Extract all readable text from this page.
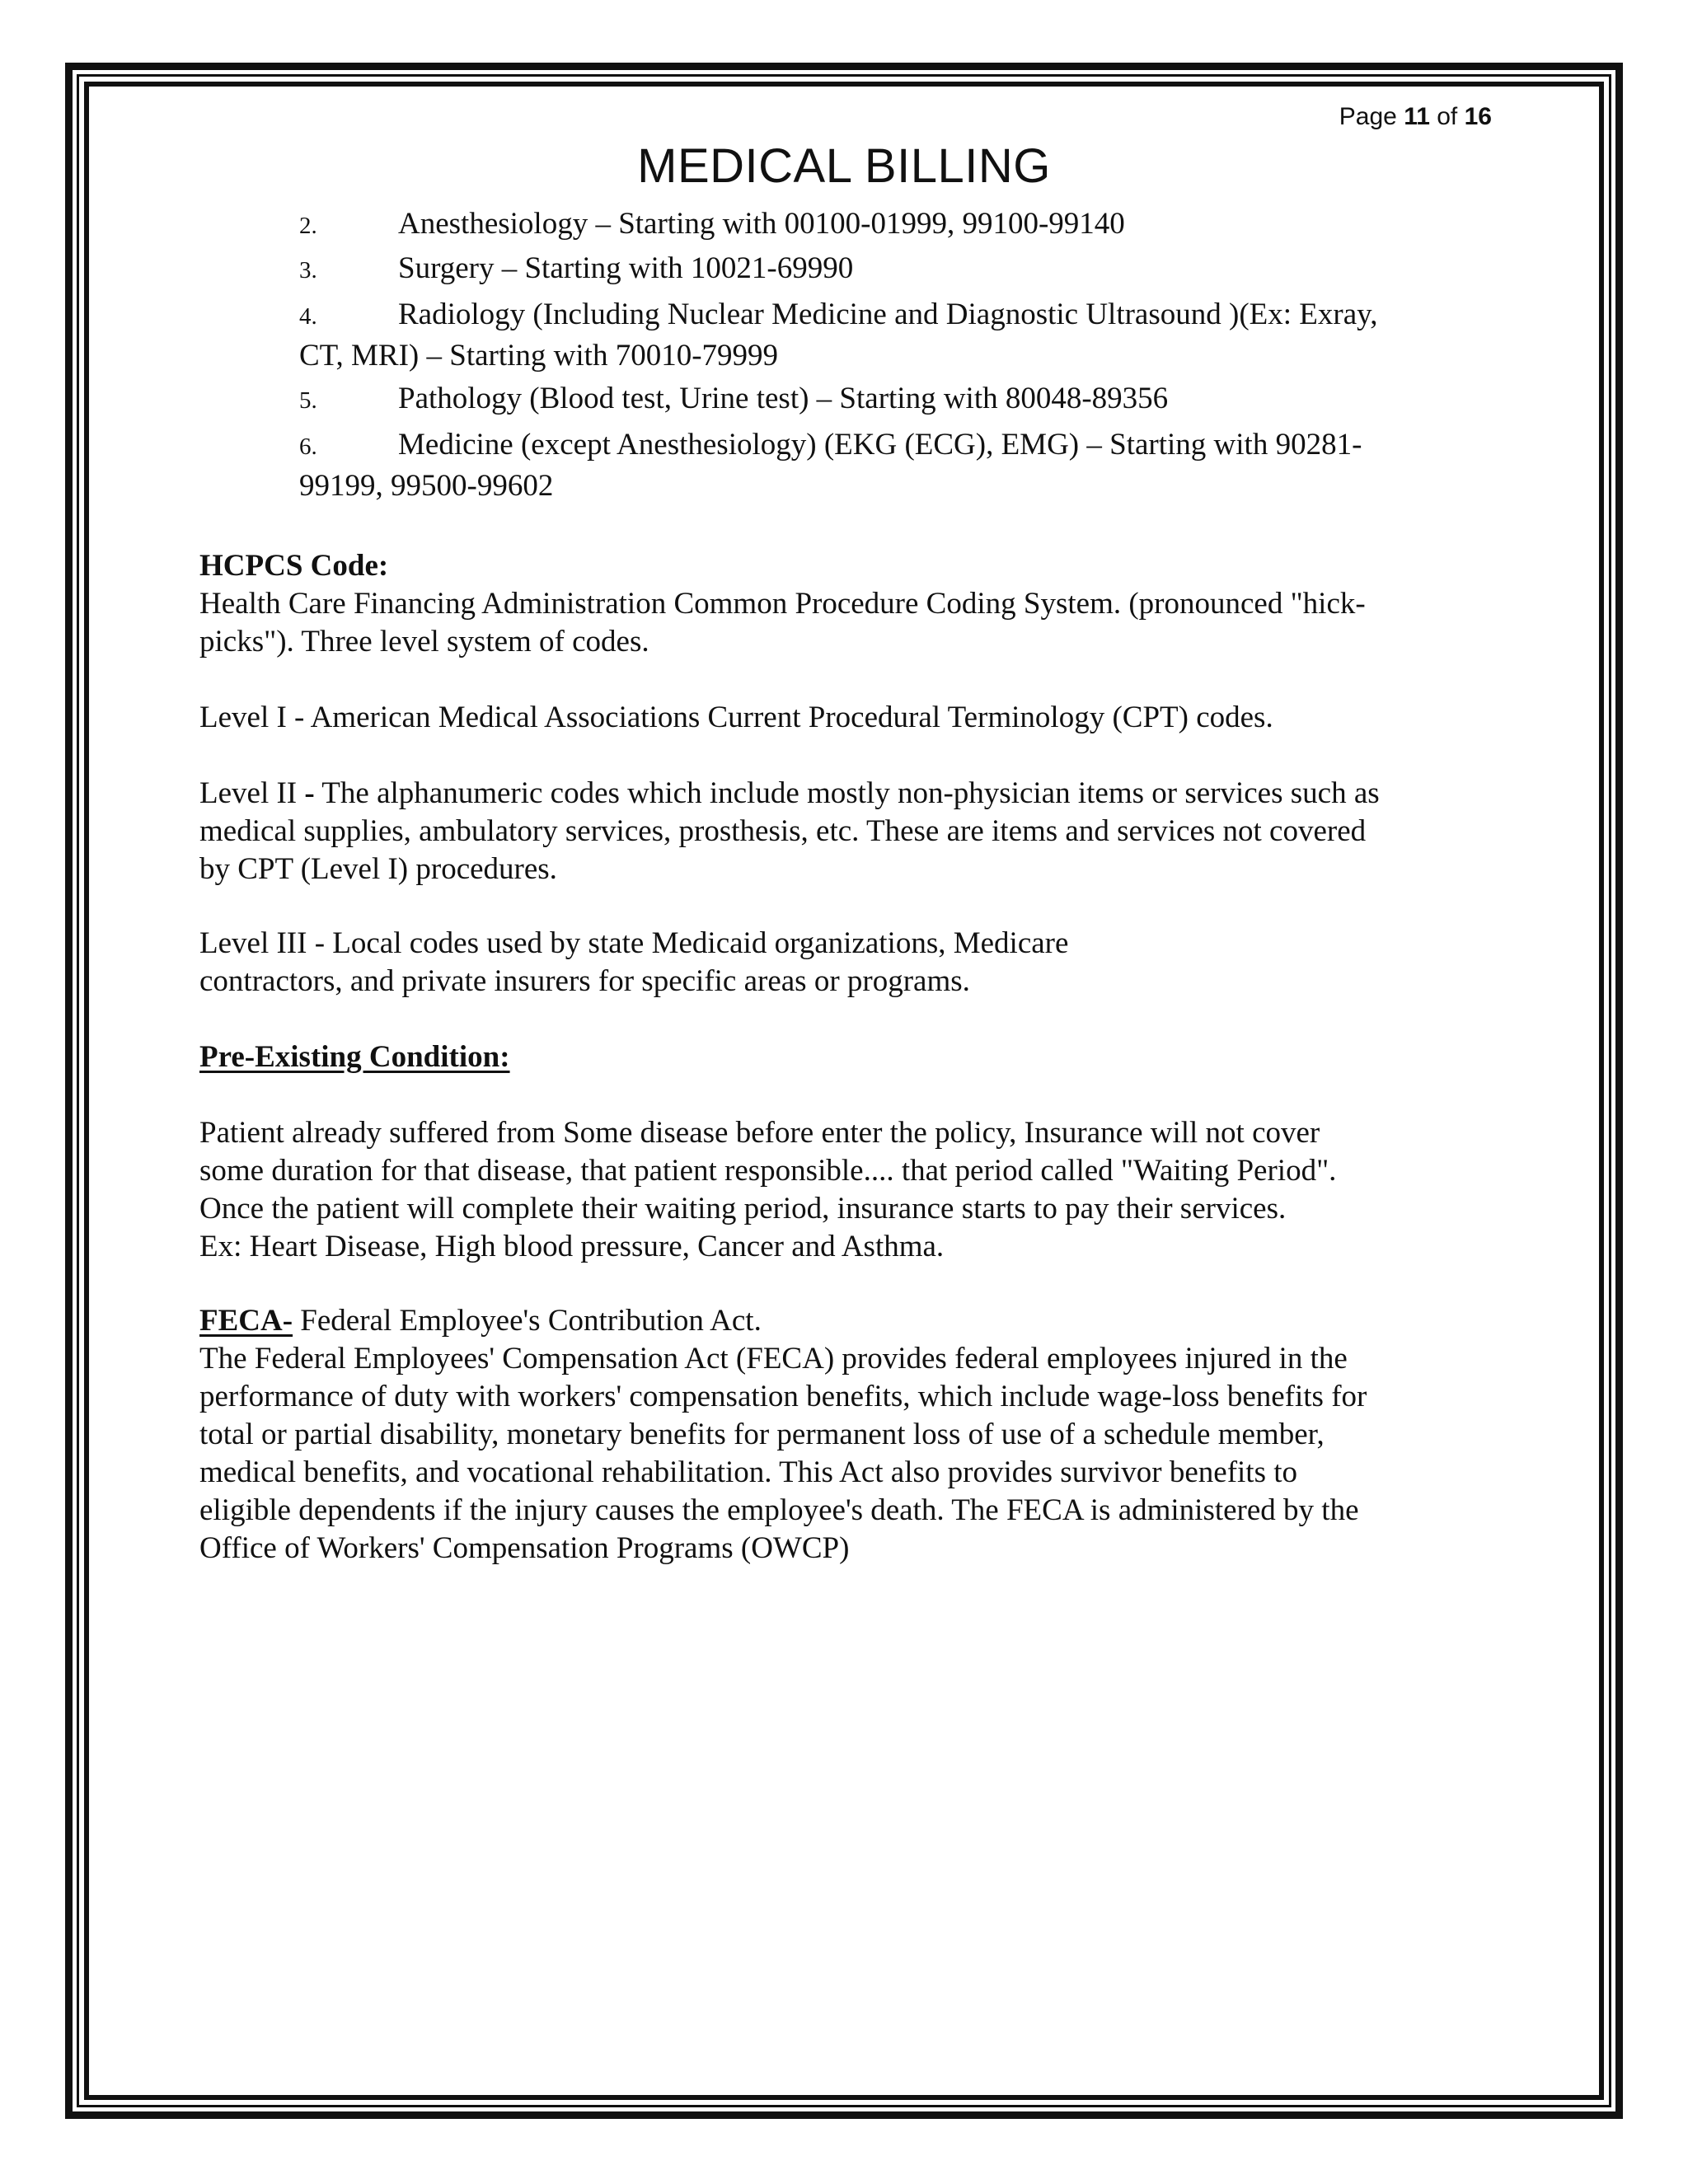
Page 11 of 16
MEDICAL BILLING
2.	Anesthesiology – Starting with 00100-01999, 99100-99140
3.	Surgery – Starting with 10021-69990
4.	Radiology (Including Nuclear Medicine and Diagnostic Ultrasound )(Ex: Exray,
CT, MRI) – Starting with 70010-79999
5.	Pathology (Blood test, Urine test) – Starting with 80048-89356
6.	Medicine (except Anesthesiology) (EKG (ECG), EMG) – Starting with 90281-
99199, 99500-99602
HCPCS Code:
Health Care Financing Administration Common Procedure Coding System. (pronounced "hick-
picks"). Three level system of codes.
Level I - American Medical Associations Current Procedural Terminology (CPT) codes.
Level II - The alphanumeric codes which include mostly non-physician items or services such as
medical supplies, ambulatory services, prosthesis, etc. These are items and services not covered
by CPT (Level I) procedures.
Level III - Local codes used by state Medicaid organizations, Medicare
contractors, and private insurers for specific areas or programs.
Pre-Existing Condition:
Patient already suffered from Some disease before enter the policy, Insurance will not cover
some duration for that disease, that patient responsible.... that period called "Waiting Period".
Once the patient will complete their waiting period, insurance starts to pay their services.
Ex: Heart Disease, High blood pressure, Cancer and Asthma.
FECA- Federal Employee's Contribution Act.
The Federal Employees' Compensation Act (FECA) provides federal employees injured in the
performance of duty with workers' compensation benefits, which include wage-loss benefits for
total or partial disability, monetary benefits for permanent loss of use of a schedule member,
medical benefits, and vocational rehabilitation. This Act also provides survivor benefits to
eligible dependents if the injury causes the employee's death. The FECA is administered by the
Office of Workers' Compensation Programs (OWCP)
